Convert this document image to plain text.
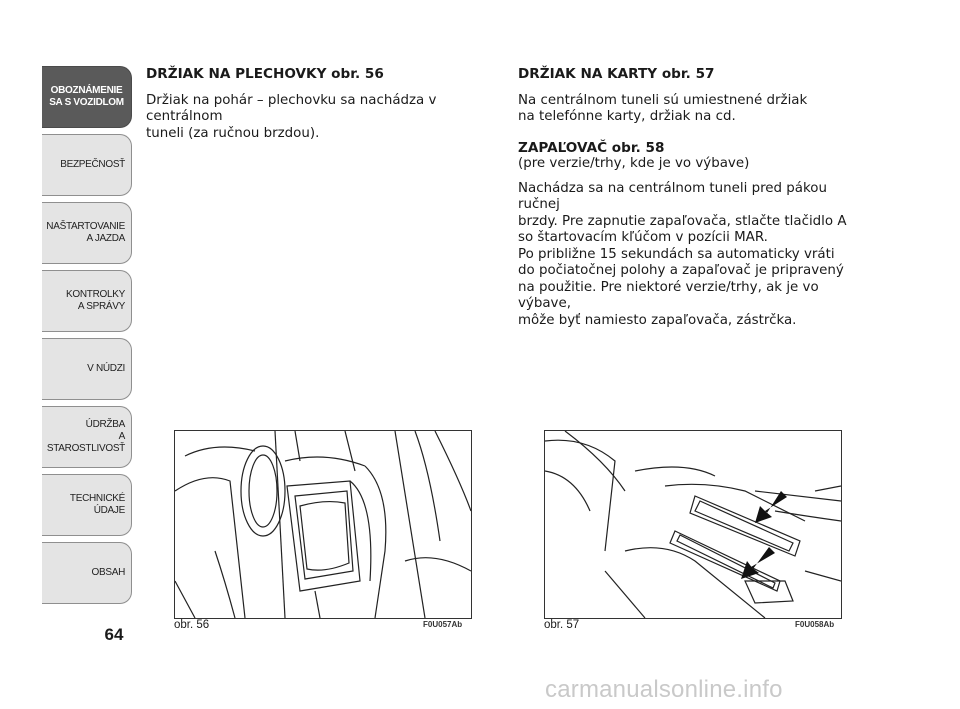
OBOZNÁMENIE
SA S VOZIDLOM
BEZPEČNOSŤ
NAŠTARTOVANIE
A JAZDA
KONTROLKY
A SPRÁVY
V NÚDZI
ÚDRŽBA
A STAROSTLIVOSŤ
TECHNICKÉ
ÚDAJE
OBSAH
64
DRŽIAK NA PLECHOVKY obr. 56

Držiak na pohár – plechovku sa nachádza v centrálnom
tuneli (za ručnou brzdou).

DRŽIAK NA KARTY obr. 57

Na centrálnom tuneli sú umiestnené držiak
na telefónne karty, držiak na cd.

ZAPAĽOVAČ obr. 58

(pre verzie/trhy, kde je vo výbave)

Nachádza sa na centrálnom tuneli pred pákou ručnej
brzdy. Pre zapnutie zapaľovača, stlačte tlačidlo A
so štartovacím kľúčom v pozícii MAR.
Po približne 15 sekundách sa automaticky vráti
do počiatočnej polohy a zapaľovač je pripravený
na použitie. Pre niektoré verzie/trhy, ak je vo výbave,
môže byť namiesto zapaľovača, zástrčka.

obr. 56	F0U057Ab	obr. 57	F0U058Ab
carmanualsonline.info
